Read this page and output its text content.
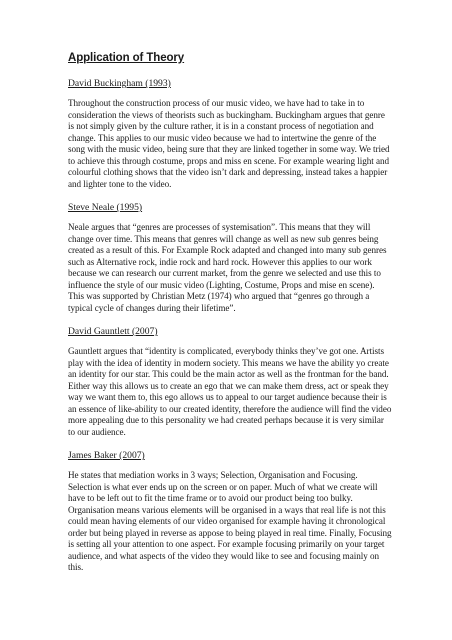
Application of Theory
David Buckingham (1993)

Throughout the construction process of our music video, we have had to take in to consideration the views of theorists such as buckingham. Buckingham argues that genre is not simply given by the culture rather, it is in a constant process of negotiation and change. This applies to our music video because we had to intertwine the genre of the song with the music video, being sure that they are linked together in some way. We tried to achieve this through costume, props and miss en scene. For example wearing light and colourful clothing shows that the video isn’t dark and depressing, instead takes a happier and lighter tone to the video.

Steve Neale (1995)

Neale argues that “genres are processes of systemisation”. This means that they will change over time. This means that genres will change as well as new sub genres being created as a result of this. For Example Rock adapted and changed into many sub genres such as Alternative rock, indie rock and hard rock. However this applies to our work because we can research our current market, from the genre we selected and use this to influence the style of our music video (Lighting, Costume, Props and mise en scene). This was supported by Christian Metz (1974) who argued that “genres go through a typical cycle of changes during their lifetime”.

David Gauntlett (2007)

Gauntlett argues that “identity is complicated, everybody thinks they’ve got one. Artists play with the idea of identity in modern society. This means we have the ability yo create an identity for our star. This could be the main actor as well as the frontman for the band. Either way this allows us to create an ego that we can make them dress, act or speak they way we want them to, this ego allows us to appeal to our target audience because their is an essence of like-ability to our created identity, therefore the audience will find the video more appealing due to this personality we had created perhaps because it is very similar to our audience.

James Baker (2007)

He states that mediation works in 3 ways; Selection, Organisation and Focusing. Selection is what ever ends up on the screen or on paper. Much of what we create will have to be left out to fit the time frame or to avoid our product being too bulky. Organisation means various elements will be organised in a ways that real life is not this could mean having elements of our video organised for example having it chronological order but being played in reverse as appose to being played in real time. Finally, Focusing is setting all your attention to one aspect. For example focusing primarily on your target audience, and what aspects of the video they would like to see and focusing mainly on this.
